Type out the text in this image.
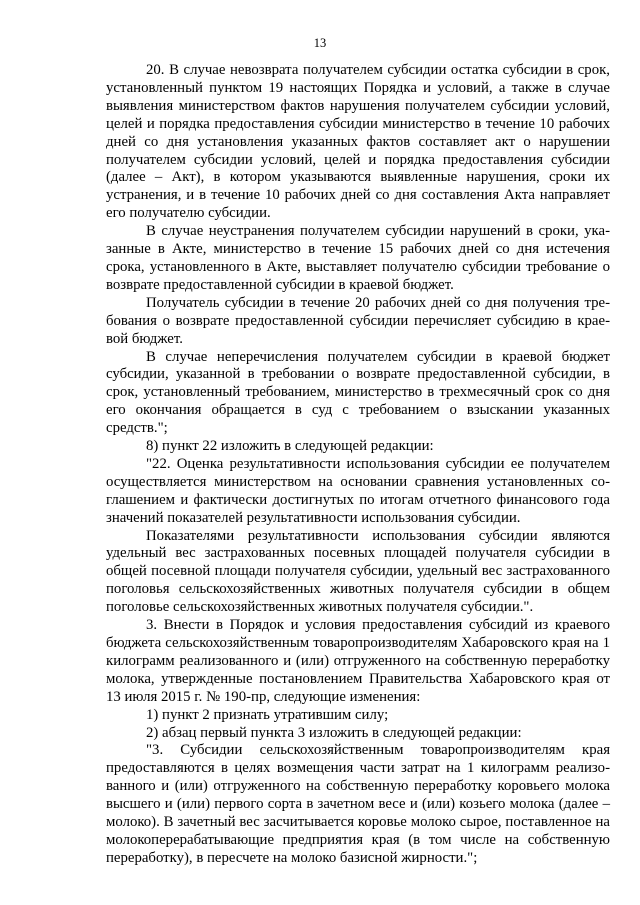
13

20. В случае невозврата получателем субсидии остатка субсидии в срок, установленный пунктом 19 настоящих Порядка и условий, а также в случае выявления министерством фактов нарушения получателем субсидии условий, целей и порядка предоставления субсидии министерство в течение 10 рабочих дней со дня установления указанных фактов составляет акт о нарушении получателем субсидии условий, целей и порядка предоставления субсидии (далее – Акт), в котором указываются выявленные нарушения, сроки их устранения, и в течение 10 рабочих дней со дня составления Акта направляет его получателю субсидии.

В случае неустранения получателем субсидии нарушений в сроки, указанные в Акте, министерство в течение 15 рабочих дней со дня истечения срока, установленного в Акте, выставляет получателю субсидии требование о возврате предоставленной субсидии в краевой бюджет.

Получатель субсидии в течение 20 рабочих дней со дня получения требования о возврате предоставленной субсидии перечисляет субсидию в краевой бюджет.

В случае неперечисления получателем субсидии в краевой бюджет субсидии, указанной в требовании о возврате предоставленной субсидии, в срок, установленный требованием, министерство в трехмесячный срок со дня его окончания обращается в суд с требованием о взыскании указанных средств.";

8) пункт 22 изложить в следующей редакции:

"22. Оценка результативности использования субсидии ее получателем осуществляется министерством на основании сравнения установленных соглашением и фактически достигнутых по итогам отчетного финансового года значений показателей результативности использования субсидии.

Показателями результативности использования субсидии являются удельный вес застрахованных посевных площадей получателя субсидии в общей посевной площади получателя субсидии, удельный вес застрахованного поголовья сельскохозяйственных животных получателя субсидии в общем поголовье сельскохозяйственных животных получателя субсидии.".

3. Внести в Порядок и условия предоставления субсидий из краевого бюджета сельскохозяйственным товаропроизводителям Хабаровского края на 1 килограмм реализованного и (или) отгруженного на собственную переработку молока, утвержденные постановлением Правительства Хабаровского края от 13 июля 2015 г. № 190-пр, следующие изменения:

1) пункт 2 признать утратившим силу;

2) абзац первый пункта 3 изложить в следующей редакции:

"3. Субсидии сельскохозяйственным товаропроизводителям края предоставляются в целях возмещения части затрат на 1 килограмм реализованного и (или) отгруженного на собственную переработку коровьего молока высшего и (или) первого сорта в зачетном весе и (или) козьего молока (далее – молоко). В зачетный вес засчитывается коровье молоко сырое, поставленное на молокоперерабатывающие предприятия края (в том числе на собственную переработку), в пересчете на молоко базисной жирности.";
